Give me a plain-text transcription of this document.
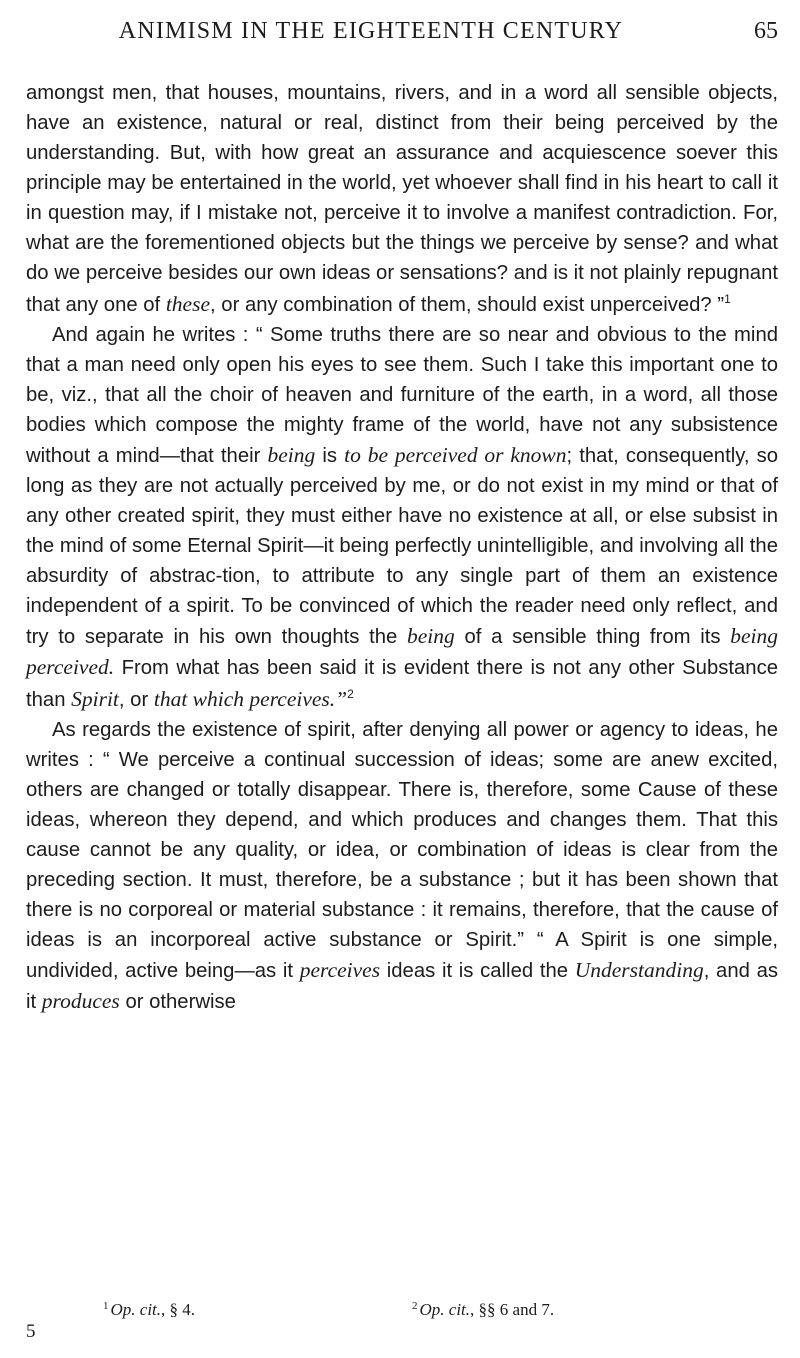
ANIMISM IN THE EIGHTEENTH CENTURY	65

amongst men, that houses, mountains, rivers, and in a word all sensible objects, have an existence, natural or real, distinct from their being perceived by the understanding. But, with how great an assurance and acquiescence soever this principle may be entertained in the world, yet whoever shall find in his heart to call it in question may, if I mistake not, perceive it to involve a manifest contradiction. For, what are the forementioned objects but the things we perceive by sense? and what do we perceive besides our own ideas or sensations? and is it not plainly repugnant that any one of these, or any combination of them, should exist unperceived? ”$^1$

And again he writes : “ Some truths there are so near and obvious to the mind that a man need only open his eyes to see them. Such I take this important one to be, viz., that all the choir of heaven and furniture of the earth, in a word, all those bodies which compose the mighty frame of the world, have not any subsistence without a mind—that their being is to be perceived or known; that, consequently, so long as they are not actually perceived by me, or do not exist in my mind or that of any other created spirit, they must either have no existence at all, or else subsist in the mind of some Eternal Spirit—it being perfectly unintelligible, and involving all the absurdity of abstrac-tion, to attribute to any single part of them an existence independent of a spirit. To be convinced of which the reader need only reflect, and try to separate in his own thoughts the being of a sensible thing from its being perceived. From what has been said it is evident there is not any other Substance than Spirit, or that which perceives.”$^2$

As regards the existence of spirit, after denying all power or agency to ideas, he writes : “ We perceive a continual succession of ideas; some are anew excited, others are changed or totally disappear. There is, therefore, some Cause of these ideas, whereon they depend, and which produces and changes them. That this cause cannot be any quality, or idea, or combination of ideas is clear from the preceding section. It must, therefore, be a substance ; but it has been shown that there is no corporeal or material substance : it remains, therefore, that the cause of ideas is an incorporeal active substance or Spirit.” “ A Spirit is one simple, undivided, active being—as it perceives ideas it is called the Understanding, and as it produces or otherwise

$^1$ Op. cit., § 4.	$^2$ Op. cit., §§ 6 and 7.
5
